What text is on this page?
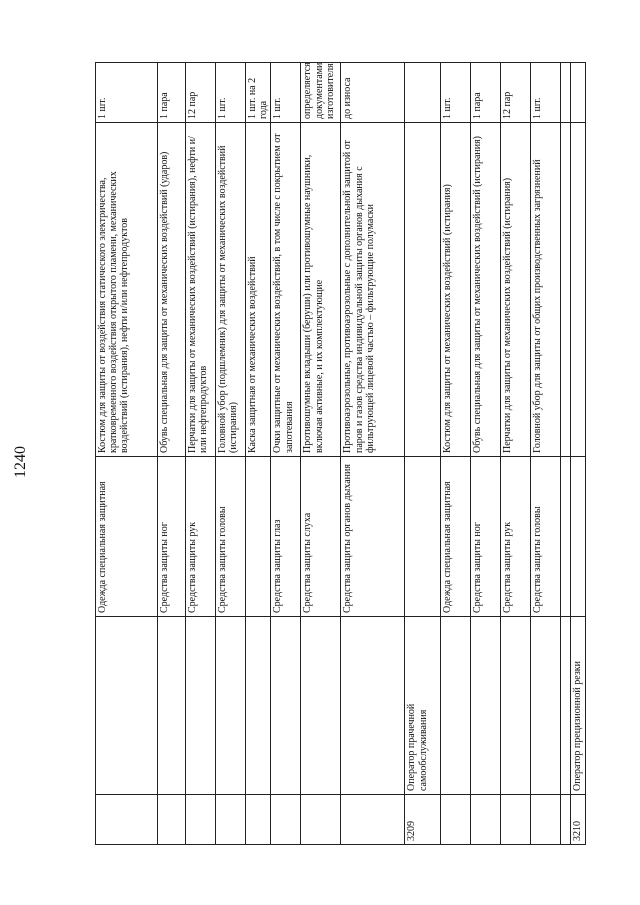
1240
		Одежда специальная защитная	Костюм для защиты от воздействия статического электричества, кратковременного воздействия открытого пламени, механических воздействий (истирания), нефти и/или нефтепродуктов	1 шт.
		Средства защиты ног	Обувь специальная для защиты от механических воздействий (ударов)	1 пара
		Средства защиты рук	Перчатки для защиты от механических воздействий (истирания), нефти и/или нефтепродуктов	12 пар
		Средства защиты головы	Головной убор (подшлемник) для защиты от механических воздействий (истирания)	1 шт.
			Каска защитная от механических воздействий	1 шт. на 2 года
		Средства защиты глаз	Очки защитные от механических воздействий, в том числе с покрытием от запотевания	1 шт.
		Средства защиты слуха	Противошумные вкладыши (беруши) или противошумные наушники, включая активные, и их комплектующие	определяется документами изготовителя
		Средства защиты органов дыхания	Противоаэрозольные, противоаэрозольные с дополнительной защитой от паров и газов средства индивидуальной защиты органов дыхания с фильтрующей лицевой частью – фильтрующие полумаски	до износа
3209	Оператор прачечной самообслуживания			
		Одежда специальная защитная	Костюм для защиты от механических воздействий (истирания)	1 шт.
		Средства защиты ног	Обувь специальная для защиты от механических воздействий (истирания)	1 пара
		Средства защиты рук	Перчатки для защиты от механических воздействий (истирания)	12 пар
		Средства защиты головы	Головной убор для защиты от общих производственных загрязнений	1 шт.

3210	Оператор прецизионной резки			
